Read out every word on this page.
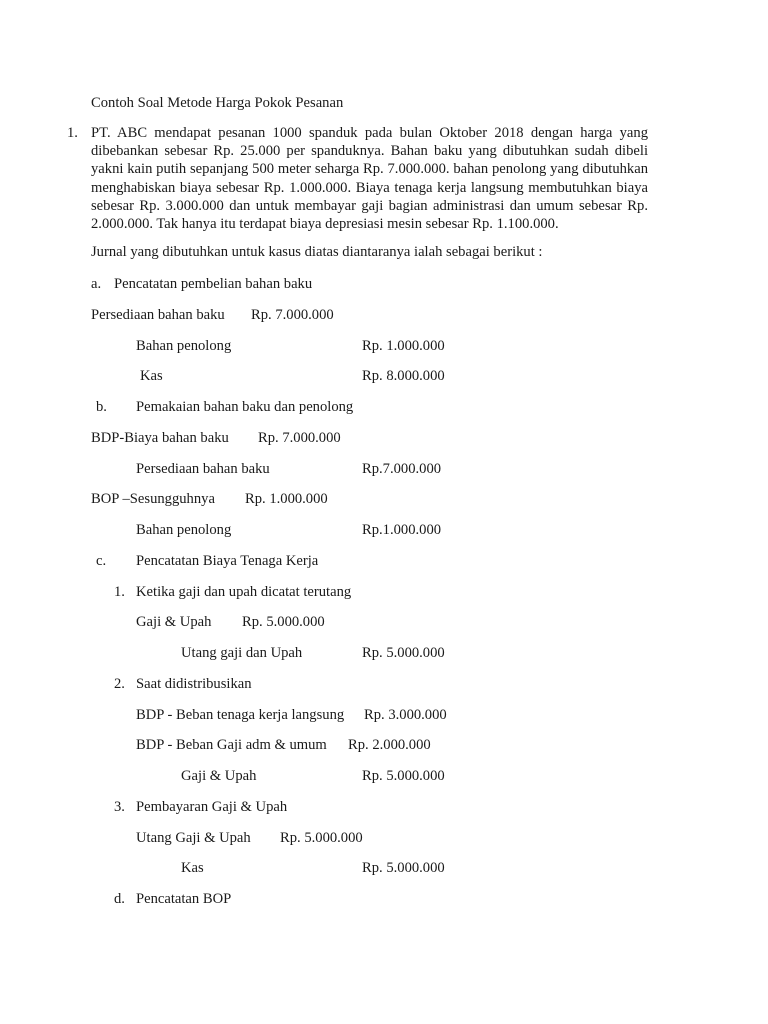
Contoh Soal Metode Harga Pokok Pesanan
1. PT. ABC mendapat pesanan 1000 spanduk pada bulan Oktober 2018 dengan harga yang
dibebankan sebesar Rp. 25.000 per spanduknya. Bahan baku yang dibutuhkan sudah dibeli
yakni kain putih sepanjang 500 meter seharga Rp. 7.000.000. bahan penolong yang dibutuhkan
menghabiskan biaya sebesar Rp. 1.000.000. Biaya tenaga kerja langsung membutuhkan biaya
sebesar Rp. 3.000.000 dan untuk membayar gaji bagian administrasi dan umum sebesar Rp.
2.000.000. Tak hanya itu terdapat biaya depresiasi mesin sebesar Rp. 1.100.000.
Jurnal yang dibutuhkan untuk kasus diatas diantaranya ialah sebagai berikut :
a. Pencatatan pembelian bahan baku
Persediaan bahan baku Rp. 7.000.000
Bahan penolong	Rp. 1.000.000
Kas	Rp. 8.000.000
b. Pemakaian bahan baku dan penolong
BDP-Biaya bahan baku Rp. 7.000.000
Persediaan bahan baku	Rp.7.000.000
BOP –Sesungguhnya Rp. 1.000.000
Bahan penolong	Rp.1.000.000
c. Pencatatan Biaya Tenaga Kerja
1. Ketika gaji dan upah dicatat terutang
Gaji & Upah Rp. 5.000.000
Utang gaji dan Upah	Rp. 5.000.000
2. Saat didistribusikan
BDP - Beban tenaga kerja langsung Rp. 3.000.000
BDP - Beban Gaji adm & umum Rp. 2.000.000
Gaji & Upah	Rp. 5.000.000
3. Pembayaran Gaji & Upah
Utang Gaji & Upah Rp. 5.000.000
Kas	Rp. 5.000.000
d. Pencatatan BOP
